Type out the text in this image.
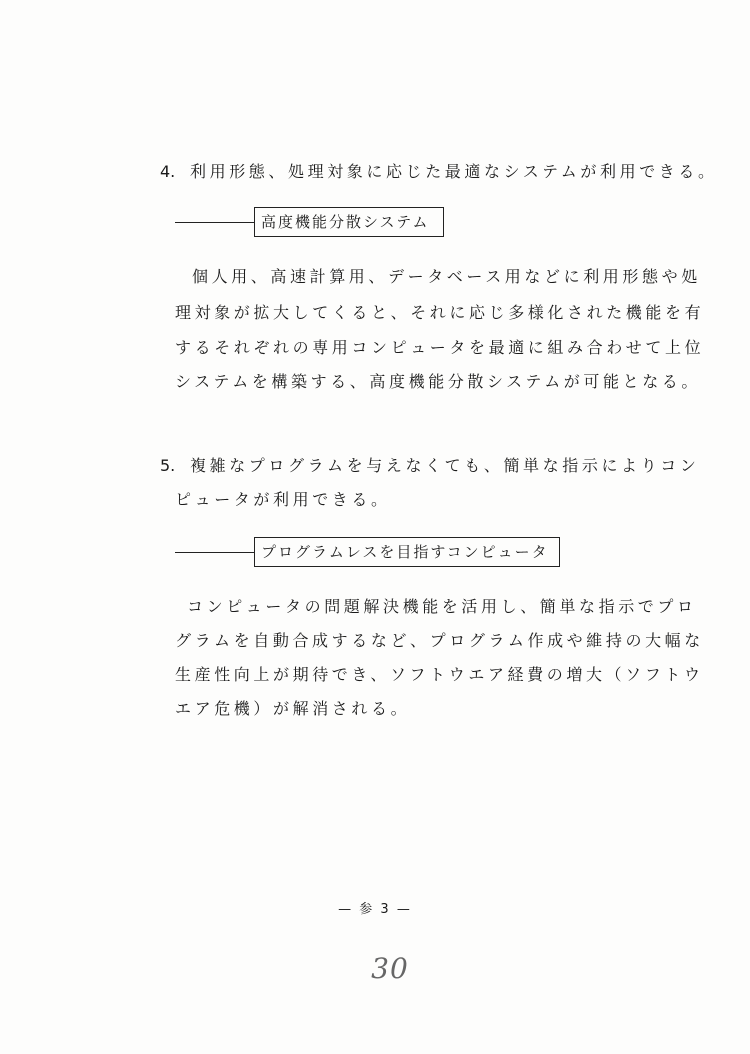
4. 利用形態、処理対象に応じた最適なシステムが利用できる。
高度機能分散システム
個人用、高速計算用、データベース用などに利用形態や処
理対象が拡大してくると、それに応じ多様化された機能を有
するそれぞれの専用コンピュータを最適に組み合わせて上位
システムを構築する、高度機能分散システムが可能となる。
5. 複雑なプログラムを与えなくても、簡単な指示によりコン
ピュータが利用できる。
プログラムレスを目指すコンピュータ
コンピュータの問題解決機能を活用し、簡単な指示でプロ
グラムを自動合成するなど、プログラム作成や維持の大幅な
生産性向上が期待でき、ソフトウエア経費の増大（ソフトウ
エア危機）が解消される。
— 参 3 —
30
